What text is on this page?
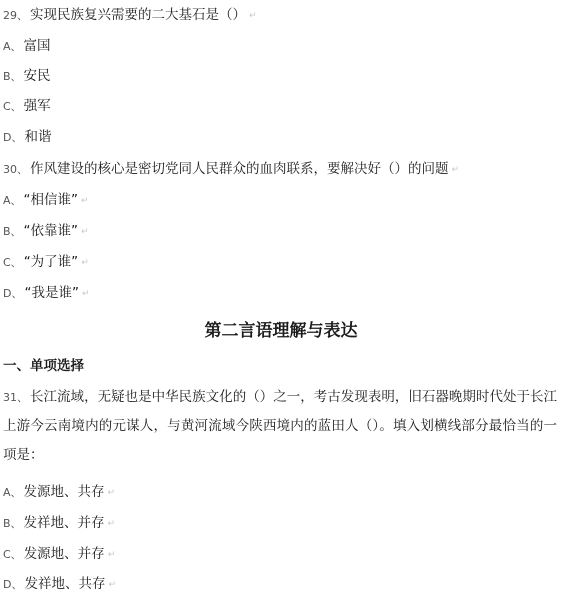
29、 实现民族复兴需要的二大基石是（） ↵
A、 富国
B、 安民
C、 强军
D、 和谐
30、 作风建设的核心是密切党同人民群众的血肉联系，要解决好（）的问题 ↵
A、 “相信谁” ↵
B、 “依靠谁” ↵
C、 “为了谁” ↵
D、 “我是谁” ↵
第二言语理解与表达
一、单项选择
31、 长江流域，无疑也是中华民族文化的（）之一，考古发现表明，旧石器晚期时代处于长江上游今云南境内的元谋人，与黄河流域今陕西境内的蓝田人（）。填入划横线部分最恰当的一项是：
A、 发源地、共存 ↵
B、 发祥地、并存 ↵
C、 发源地、并存 ↵
D、 发祥地、共存 ↵
